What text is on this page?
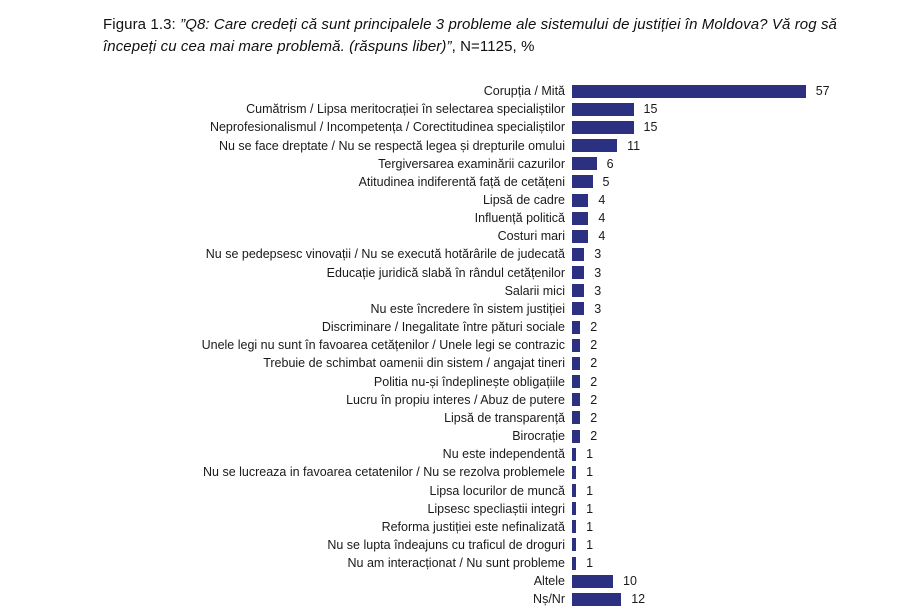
Figura 1.3: ”Q8: Care credeți că sunt principalele 3 probleme ale sistemului de justiției în Moldova? Vă rog să începeți cu cea mai mare problemă. (răspuns liber)”, N=1125, %
Corupția / Mită	57
Cumătrism / Lipsa meritocrației în selectarea specialiștilor	15
Neprofesionalismul / Incompetența / Corectitudinea specialiștilor	15
Nu se face dreptate / Nu se respectă legea și drepturile omului	11
Tergiversarea examinării cazurilor	6
Atitudinea indiferentă față de cetățeni	5
Lipsă de cadre	4
Influență politică	4
Costuri mari	4
Nu se pedepsesc vinovații / Nu se execută hotărârile de judecată 3
Educație juridică slabă în rândul cetățenilor 3
Salarii mici 3
Nu este încredere în sistem justiției 3
Discriminare / Inegalitate între pături sociale 2
Unele legi nu sunt în favoarea cetățenilor / Unele legi se contrazic 2
Trebuie de schimbat oamenii din sistem / angajat tineri 2
Politia nu-și îndeplinește obligațiile 2
Lucru în propiu interes / Abuz de putere 2
Lipsă de transparență 2
Birocrație 2
Nu este independentă 1
Nu se lucreaza in favoarea cetatenilor / Nu se rezolva problemele 1
Lipsa locurilor de muncă 1
Lipsesc specliaștii integri 1
Reforma justiției este nefinalizată 1
Nu se lupta îndeajuns cu traficul de droguri 1
Nu am interacționat / Nu sunt probleme 1
Altele	10
Nș/Nr	12
